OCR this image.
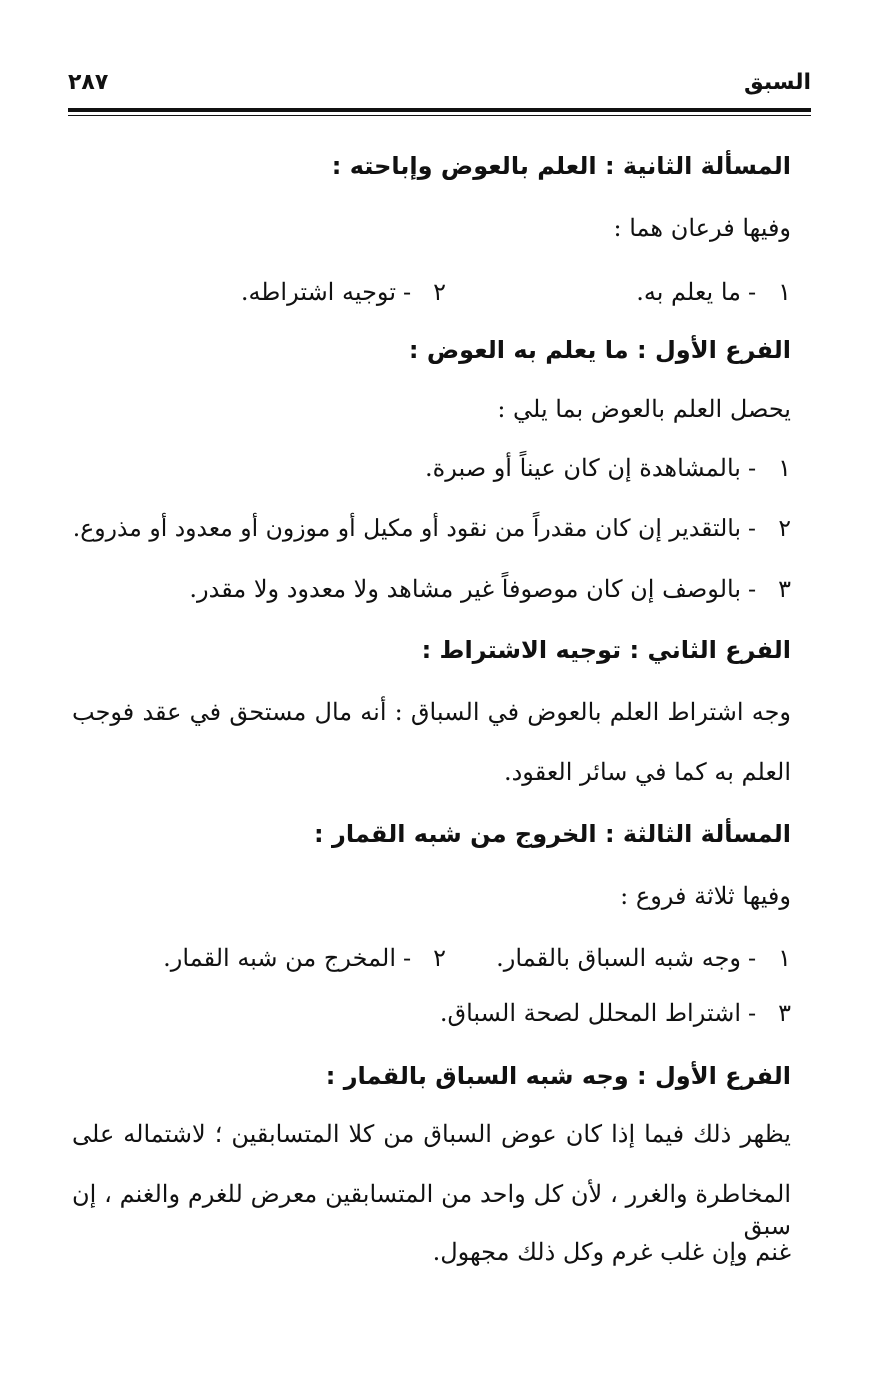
السبق
٢٨٧
المسألة الثانية : العلم بالعوض وإباحته :
وفيها فرعان هما :
١-ما يعلم به.
٢-توجيه اشتراطه.
الفرع الأول : ما يعلم به العوض :
يحصل العلم بالعوض بما يلي :
١-بالمشاهدة إن كان عيناً أو صبرة.
٢-بالتقدير إن كان مقدراً من نقود أو مكيل أو موزون أو معدود أو مذروع.
٣-بالوصف إن كان موصوفاً غير مشاهد ولا معدود ولا مقدر.
الفرع الثاني : توجيه الاشتراط :
وجه اشتراط العلم بالعوض في السباق : أنه مال مستحق في عقد فوجب
العلم به كما في سائر العقود.
المسألة الثالثة : الخروج من شبه القمار :
وفيها ثلاثة فروع :
١-وجه شبه السباق بالقمار.
٢-المخرج من شبه القمار.
٣-اشتراط المحلل لصحة السباق.
الفرع الأول : وجه شبه السباق بالقمار :
يظهر ذلك فيما إذا كان عوض السباق من كلا المتسابقين ؛ لاشتماله على
المخاطرة والغرر ، لأن كل واحد من المتسابقين معرض للغرم والغنم ، إن سبق
غنم وإن غلب غرم وكل ذلك مجهول.
